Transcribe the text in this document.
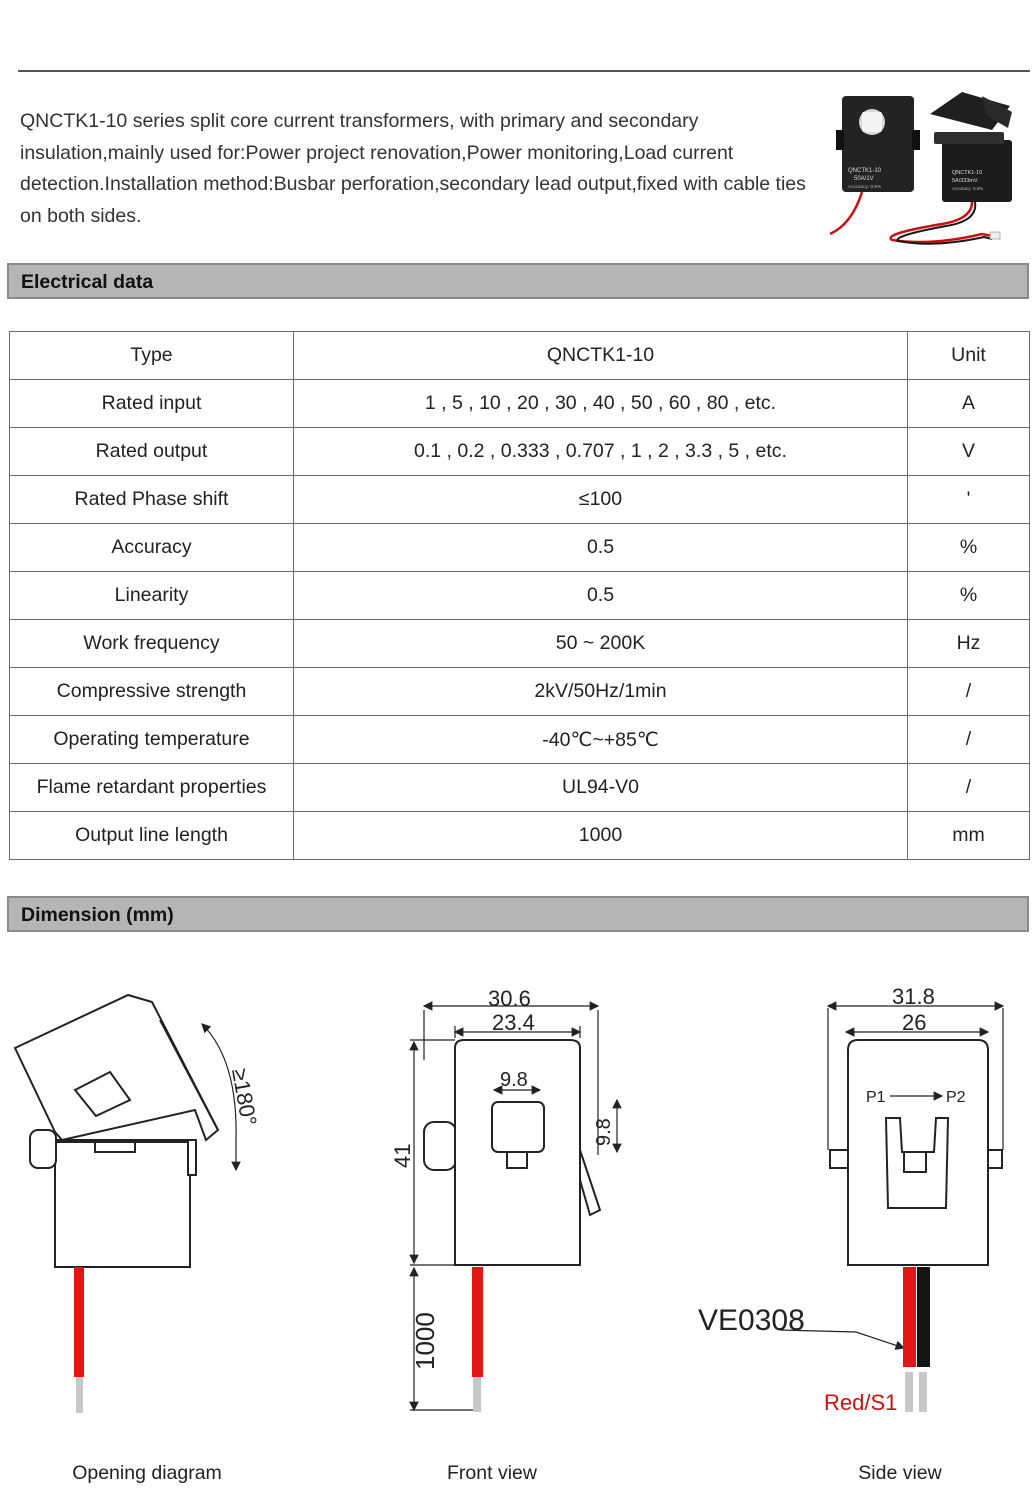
QNCTK1-10 series split core current transformers, with primary and secondary insulation,mainly used for:Power project renovation,Power monitoring,Load current detection.Installation method:Busbar perforation,secondary lead output,fixed with cable ties on both sides.

QNCTK1-10
5A/333mV
Accuracy: 0.5%
QNCTK1-10
50A/1V
Accuracy: 0.5%
Electrical data
Type	QNCTK1-10	Unit
Rated input	1 , 5 , 10 , 20 , 30 , 40 , 50 , 60 , 80 , etc.	A
Rated output	0.1 , 0.2 , 0.333 , 0.707 , 1 , 2 , 3.3 , 5 , etc.	V
Rated Phase shift	≤100	'
Accuracy	0.5	%
Linearity	0.5	%
Work frequency	50 ~ 200K	Hz
Compressive strength	2kV/50Hz/1min	/
Operating temperature	-40℃~+85℃	/
Flame retardant properties	UL94-V0	/
Output line length	1000	mm
Dimension (mm)
≥180°
30.6
23.4
9.8
9.8
41
1000
31.8
26
P1	P2
VE0308
Red/S1
Opening diagram	Front view	Side view
